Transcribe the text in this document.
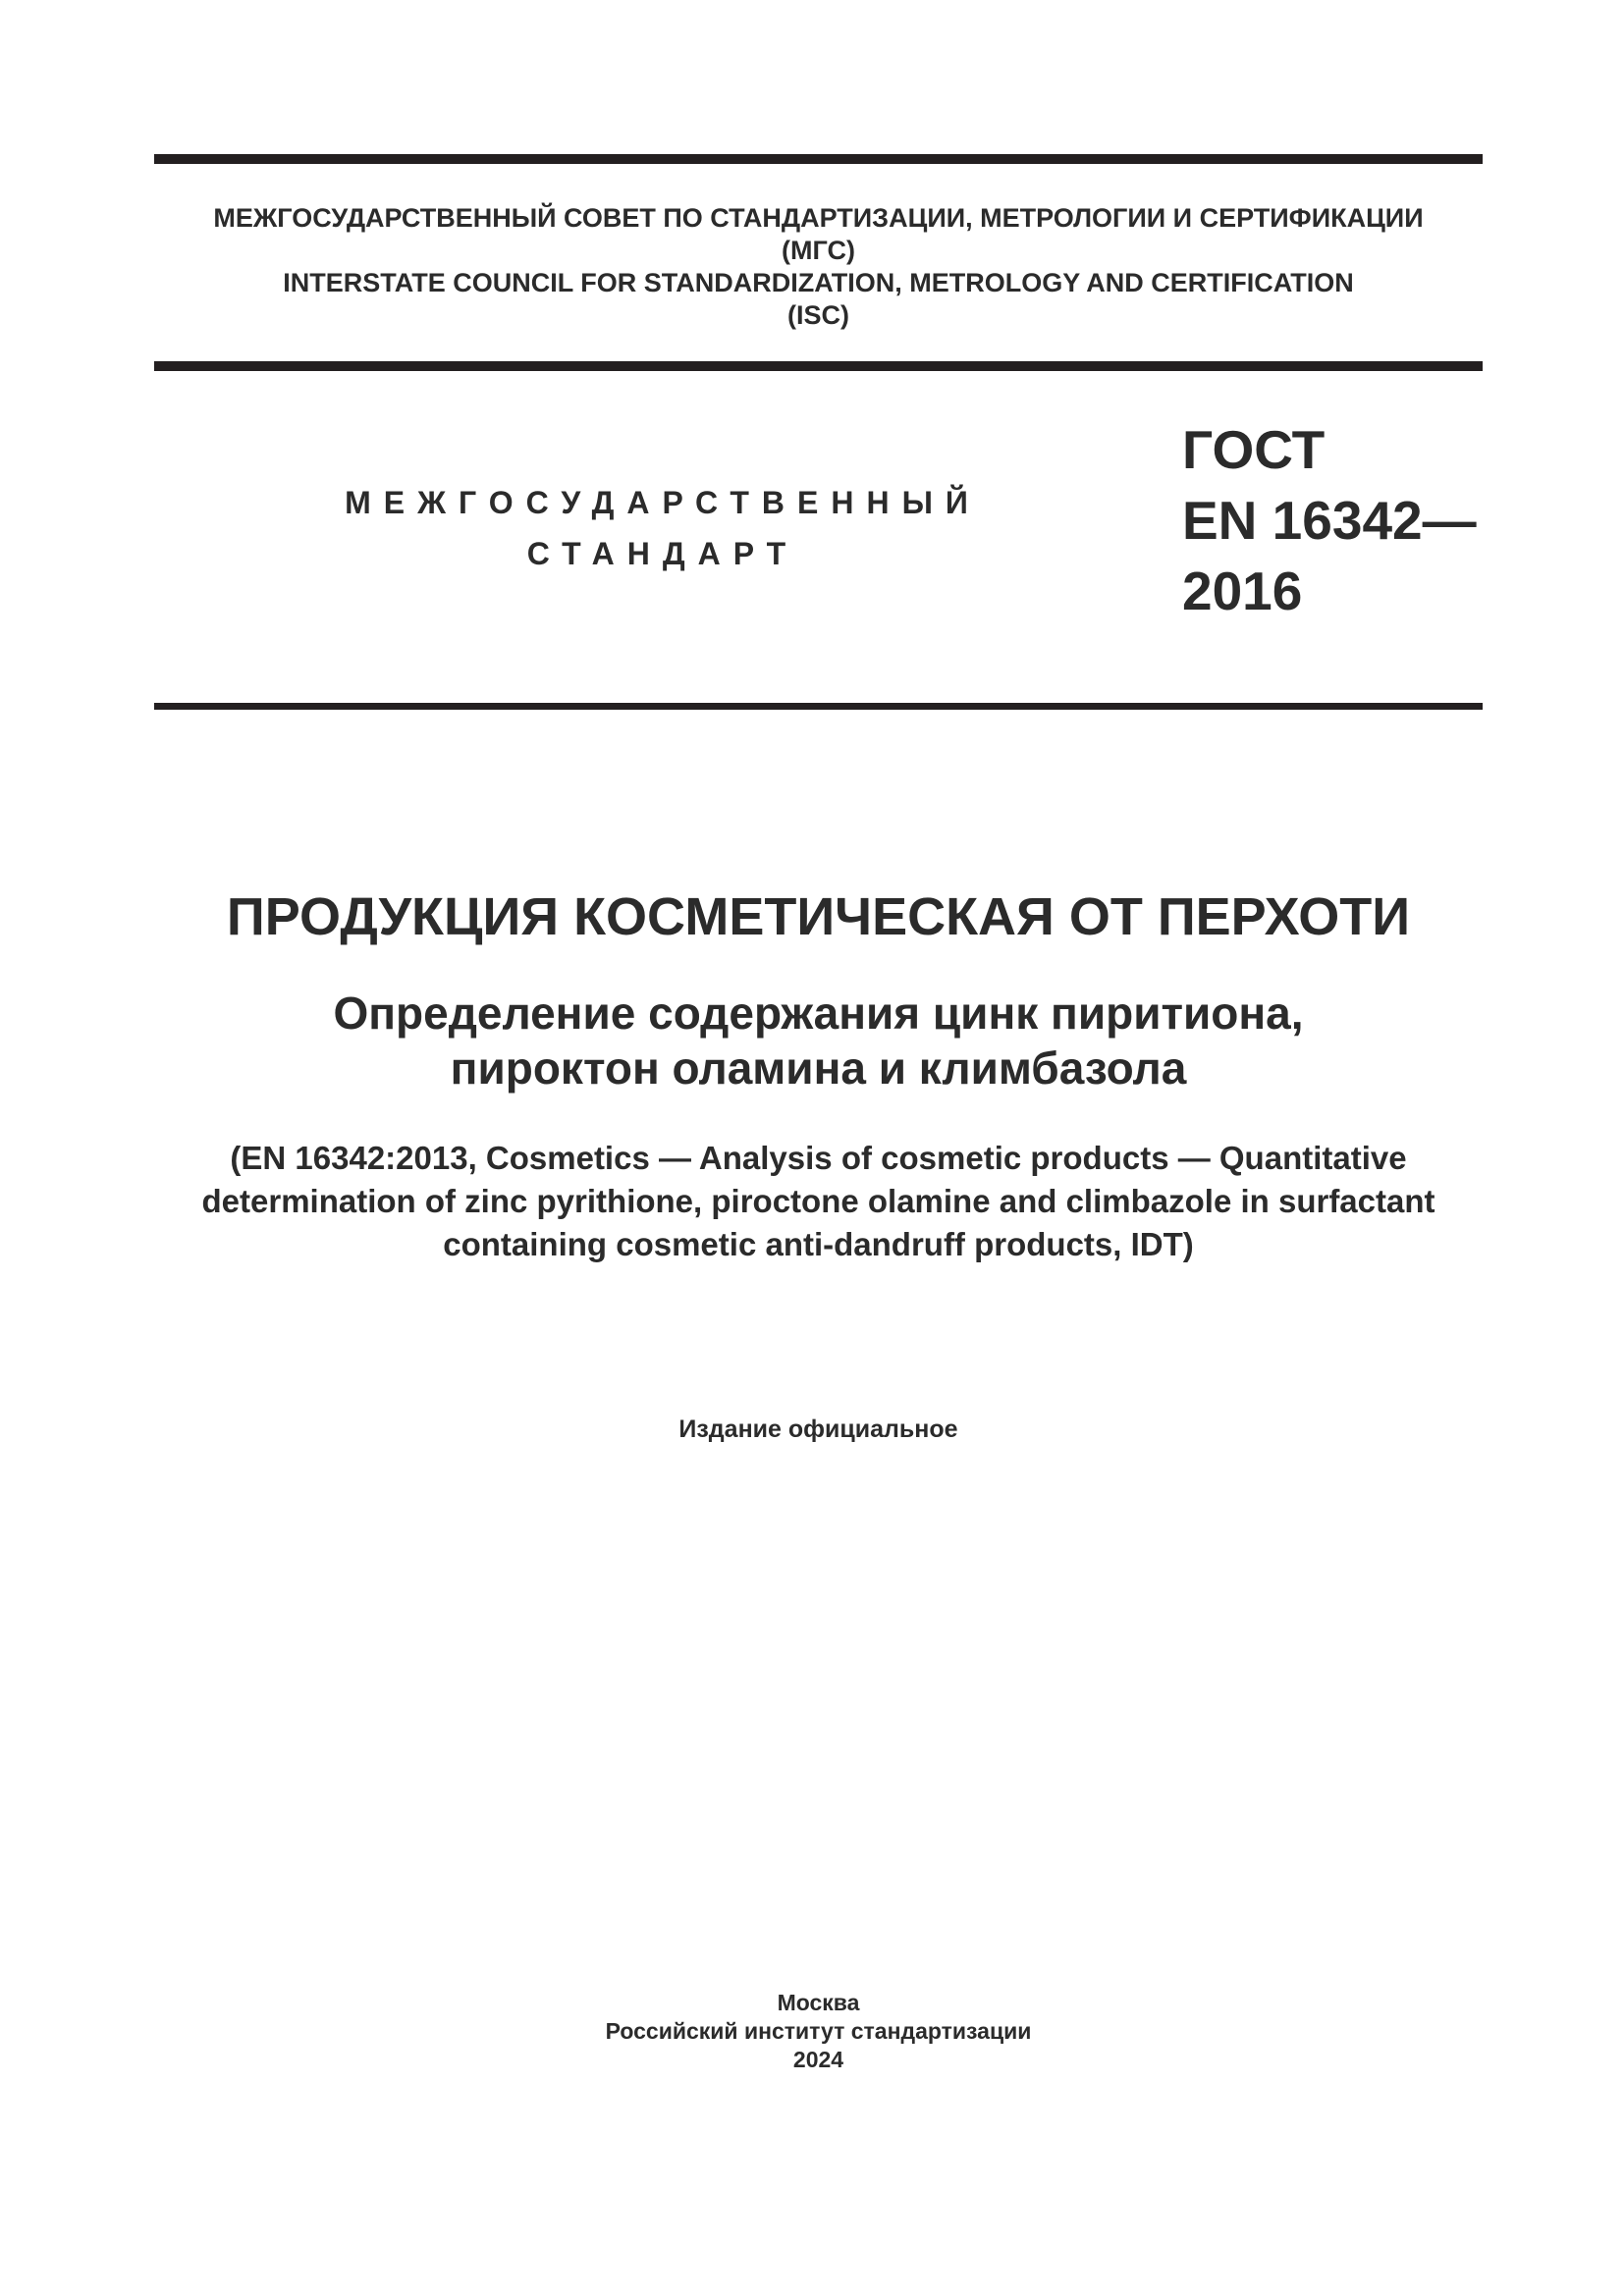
МЕЖГОСУДАРСТВЕННЫЙ СОВЕТ ПО СТАНДАРТИЗАЦИИ, МЕТРОЛОГИИ И СЕРТИФИКАЦИИ
(МГС)
INTERSTATE COUNCIL FOR STANDARDIZATION, METROLOGY AND CERTIFICATION
(ISC)
МЕЖГОСУДАРСТВЕННЫЙ
СТАНДАРТ
ГОСТ
EN 16342—
2016
ПРОДУКЦИЯ КОСМЕТИЧЕСКАЯ ОТ ПЕРХОТИ
Определение содержания цинк пиритиона,
пироктон оламина и климбазола
(EN 16342:2013, Cosmetics — Analysis of cosmetic products — Quantitative
determination of zinc pyrithione, piroctone olamine and climbazole in surfactant
containing cosmetic anti-dandruff products, IDT)
Издание официальное
Москва
Российский институт стандартизации
2024
